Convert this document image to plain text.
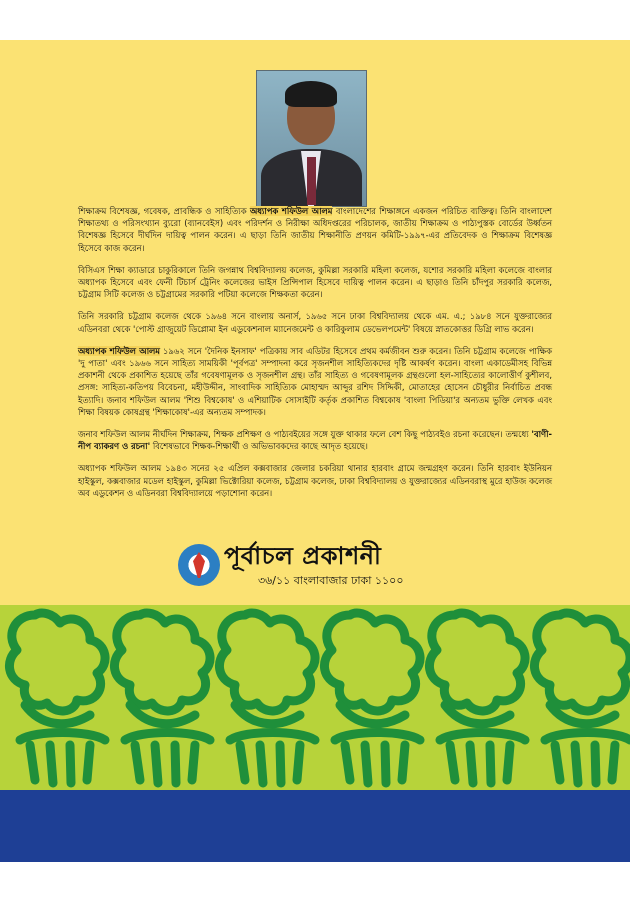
শিক্ষাক্রম বিশেষজ্ঞ, গবেষক, প্রাবন্ধিক ও সাহিত্যিক অধ্যাপক শফিউল আলম বাংলাদেশের শিক্ষাঙ্গনে একজন পরিচিত ব্যক্তিত্ব। তিনি বাংলাদেশ শিক্ষাতথ্য ও পরিসংখ্যান ব্যুরো (ব্যানবেইস) এবং পরিদর্শন ও নিরীক্ষা অধিদপ্তরের পরিচালক, জাতীয় শিক্ষাক্রম ও পাঠ্যপুস্তক বোর্ডের উর্ধ্বতন বিশেষজ্ঞ হিসেবে দীর্ঘদিন দায়িত্ব পালন করেন। এ ছাড়া তিনি জাতীয় শিক্ষানীতি প্রণয়ন কমিটি-১৯৯৭-এর প্রতিবেদক ও শিক্ষাক্রম বিশেষজ্ঞ হিসেবে কাজ করেন।

বিসিএস শিক্ষা ক্যাডারে চাকুরিকালে তিনি জগন্নাথ বিশ্ববিদ্যালয় কলেজ, কুমিল্লা সরকারি মহিলা কলেজ, যশোর সরকারি মহিলা কলেজে বাংলার অধ্যাপক হিসেবে এবং ফেনী টিচার্স ট্রেনিং কলেজের ভাইস প্রিন্সিপাল হিসেবে দায়িত্ব পালন করেন। এ ছাড়াও তিনি চাঁদপুর সরকারি কলেজ, চট্টগ্রাম সিটি কলেজ ও চট্টগ্রামের সরকারি পটিয়া কলেজে শিক্ষকতা করেন।

তিনি সরকারি চট্টগ্রাম কলেজ থেকে ১৯৬৪ সনে বাংলায় অনার্স, ১৯৬৫ সনে ঢাকা বিশ্ববিদ্যালয় থেকে এম. এ.; ১৯৮৪ সনে যুক্তরাজ্যের এডিনবরা থেকে 'পোস্ট গ্রাজুয়েট ডিপ্লোমা ইন এডুকেশনাল ম্যানেজমেন্ট ও কারিকুলাম ডেভেলপমেন্ট' বিষয়ে স্নাতকোত্তর ডিগ্রি লাভ করেন।

অধ্যাপক শফিউল আলম ১৯৬২ সনে 'দৈনিক ইনসাফ' পত্রিকায় সাব এডিটর হিসেবে প্রথম কর্মজীবন শুরু করেন। তিনি চট্টগ্রাম কলেজে পাক্ষিক 'দু পাতা' এবং ১৯৬৬ সনে সাহিত্য সাময়িকী 'পূর্বপত্র' সম্পাদনা করে সৃজনশীল সাহিত্যিকদের দৃষ্টি আকর্ষণ করেন। বাংলা একাডেমীসহ বিভিন্ন প্রকাশনী থেকে প্রকাশিত হয়েছে তাঁর গবেষণামূলক ও সৃজনশীল গ্রন্থ। তাঁর সাহিত্য ও গবেষণামূলক গ্রন্থগুলো হল-সাহিত্যের কালোত্তীর্ণ কুশীলব, প্রসঙ্গ: সাহিত্য-কতিপয় বিবেচনা, মহীউদ্দীন, সাংবাদিক সাহিত্যিক মোহাম্মদ আব্দুর রশিদ সিদ্দিকী, মোতাহের হোসেন চৌধুরীর নির্বাচিত প্রবন্ধ ইত্যাদি। জনাব শফিউল আলম 'শিশু বিশ্বকোষ' ও এশিয়াটিক সোসাইটি কর্তৃক প্রকাশিত বিশ্বকোষ 'বাংলা পিডিয়া'র অন্যতম ভুক্তি লেখক এবং শিক্ষা বিষয়ক কোষগ্রন্থ 'শিক্ষাকোষ'-এর অন্যতম সম্পাদক।

জনাব শফিউল আলম নীর্ঘদিন শিক্ষাক্রম, শিক্ষক প্রশিক্ষণ ও পাঠ্যবইয়ের সঙ্গে যুক্ত থাকার ফলে বেশ কিছু পাঠ্যবইও রচনা করেছেন। তন্মধ্যে 'বাণী-নীপ ব্যাকরণ ও রচনা' বিশেষভাবে শিক্ষক-শিক্ষার্থী ও অভিভাবকদের কাছে আদৃত হয়েছে।

অধ্যাপক শফিউল আলম ১৯৪৩ সনের ২৫ এপ্রিল কক্সবাজার জেলার চকরিয়া থানার হারবাং গ্রামে জন্মগ্রহণ করেন। তিনি হারবাং ইউনিয়ন হাইস্কুল, কক্সবাজার মডেল হাইস্কুল, কুমিল্লা ভিক্টোরিয়া কলেজ, চট্টগ্রাম কলেজ, ঢাকা বিশ্ববিদ্যালয় ও যুক্তরাজ্যের এডিনবরাস্থ মুরে হাউজ কলেজ অব এডুকেশন ও এডিনবরা বিশ্ববিদ্যালয়ে পড়াশোনা করেন।

পূর্বাচল প্রকাশনী
৩৬/১১ বাংলাবাজার ঢাকা ১১০০
